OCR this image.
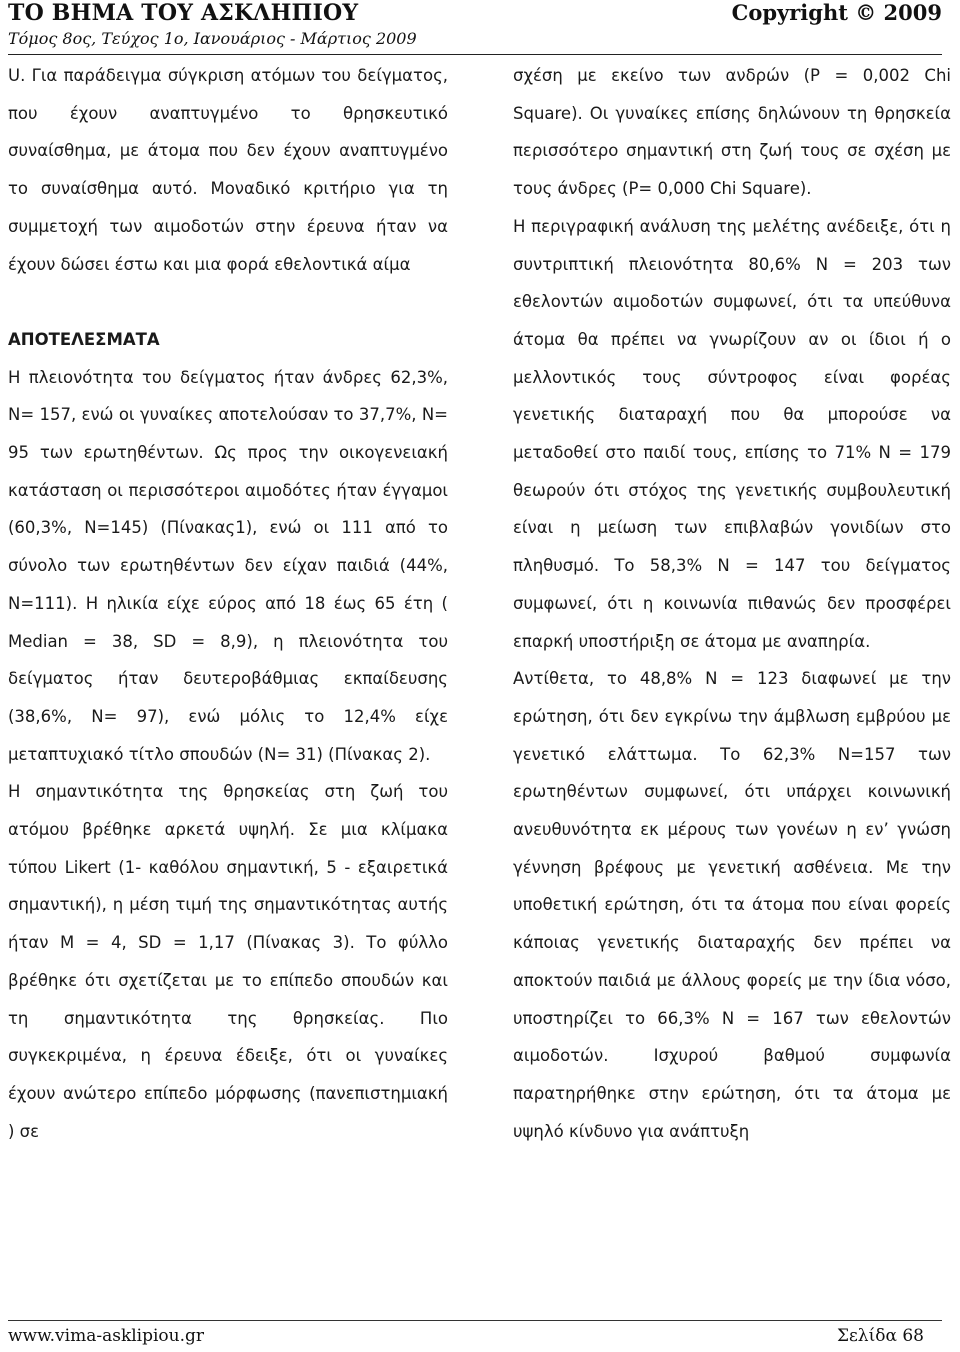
ΤΟ ΒΗΜΑ ΤΟΥ ΑΣΚΛΗΠΙΟΥ	Copyright © 2009
Τόμος 8ος, Τεύχος 1ο, Ιανουάριος - Μάρτιος 2009

U. Για παράδειγμα σύγκριση ατόμων του δείγματος, που έχουν αναπτυγμένο το θρησκευτικό συναίσθημα, με άτομα που δεν έχουν αναπτυγμένο το συναίσθημα αυτό. Μοναδικό κριτήριο για τη συμμετοχή των αιμοδοτών στην έρευνα ήταν να έχουν δώσει έστω και μια φορά εθελοντικά αίμα

ΑΠΟΤΕΛΕΣΜΑΤΑ

Η πλειονότητα του δείγματος ήταν άνδρες 62,3%, Ν= 157, ενώ οι γυναίκες αποτελούσαν το 37,7%, Ν= 95 των ερωτηθέντων. Ως προς την οικογενειακή κατάσταση οι περισσότεροι αιμοδότες ήταν έγγαμοι (60,3%, Ν=145) (Πίνακας1), ενώ οι 111 από το σύνολο των ερωτηθέντων δεν είχαν παιδιά (44%, Ν=111). Η ηλικία είχε εύρος από 18 έως 65 έτη ( Median = 38, SD = 8,9), η πλειονότητα του δείγματος ήταν δευτεροβάθμιας εκπαίδευσης (38,6%, Ν= 97), ενώ μόλις το 12,4% είχε μεταπτυχιακό τίτλο σπουδών (Ν= 31) (Πίνακας 2).

Η σημαντικότητα της θρησκείας στη ζωή του ατόμου βρέθηκε αρκετά υψηλή. Σε μια κλίμακα τύπου Likert (1- καθόλου σημαντική, 5 - εξαιρετικά σημαντική), η μέση τιμή της σημαντικότητας αυτής ήταν Μ = 4, SD = 1,17 (Πίνακας 3). Το φύλλο βρέθηκε ότι σχετίζεται με το επίπεδο σπουδών και τη σημαντικότητα της θρησκείας. Πιο συγκεκριμένα, η έρευνα έδειξε, ότι οι γυναίκες έχουν ανώτερο επίπεδο μόρφωσης (πανεπιστημιακή ) σε

σχέση με εκείνο των ανδρών (P = 0,002 Chi Square). Οι γυναίκες επίσης δηλώνουν τη θρησκεία περισσότερο σημαντική στη ζωή τους σε σχέση με τους άνδρες (P= 0,000 Chi Square).

Η περιγραφική ανάλυση της μελέτης ανέδειξε, ότι η συντριπτική πλειονότητα 80,6% Ν = 203 των εθελοντών αιμοδοτών συμφωνεί, ότι τα υπεύθυνα άτομα θα πρέπει να γνωρίζουν αν οι ίδιοι ή ο μελλοντικός τους σύντροφος είναι φορέας γενετικής διαταραχή που θα μπορούσε να μεταδοθεί στο παιδί τους, επίσης το 71% Ν = 179 θεωρούν ότι στόχος της γενετικής συμβουλευτική είναι η μείωση των επιβλαβών γονιδίων στο πληθυσμό. Το 58,3% Ν = 147 του δείγματος συμφωνεί, ότι η κοινωνία πιθανώς δεν προσφέρει επαρκή υποστήριξη σε άτομα με αναπηρία.

Αντίθετα, το 48,8% Ν = 123 διαφωνεί με την ερώτηση, ότι δεν εγκρίνω την άμβλωση εμβρύου με γενετικό ελάττωμα. Το 62,3% Ν=157 των ερωτηθέντων συμφωνεί, ότι υπάρχει κοινωνική ανευθυνότητα εκ μέρους των γονέων η εν’ γνώση γέννηση βρέφους με γενετική ασθένεια. Με την υποθετική ερώτηση, ότι τα άτομα που είναι φορείς κάποιας γενετικής διαταραχής δεν πρέπει να αποκτούν παιδιά με άλλους φορείς με την ίδια νόσο, υποστηρίζει το 66,3% Ν = 167 των εθελοντών αιμοδοτών. Ισχυρού βαθμού συμφωνία παρατηρήθηκε στην ερώτηση, ότι τα άτομα με υψηλό κίνδυνο για ανάπτυξη

www.vima-asklipiou.gr	Σελίδα 68
